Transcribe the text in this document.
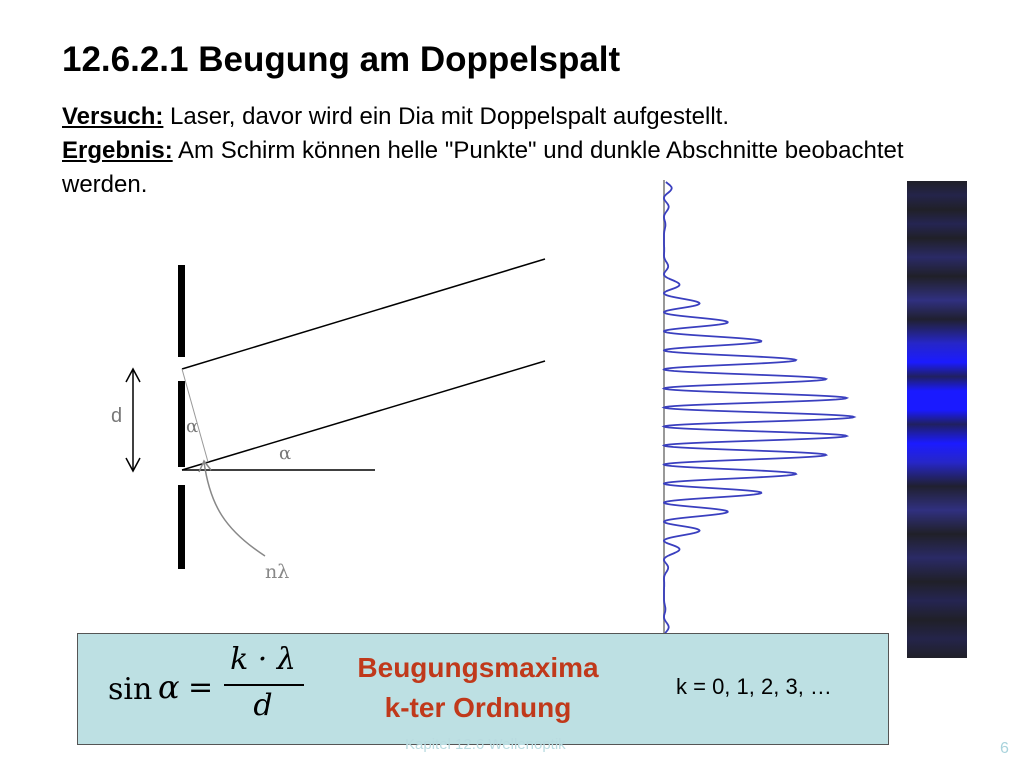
12.6.2.1 Beugung am Doppelspalt
Versuch: Laser, davor wird ein Dia mit Doppelspalt aufgestellt.
Ergebnis: Am Schirm können helle "Punkte" und dunkle Abschnitte beobachtet werden.
d	α
α
nλ
sin α =
k · λ
d
Beugungsmaxima
k-ter Ordnung
k = 0, 1, 2, 3, …
Kapitel 12.6 Wellenoptik	6
